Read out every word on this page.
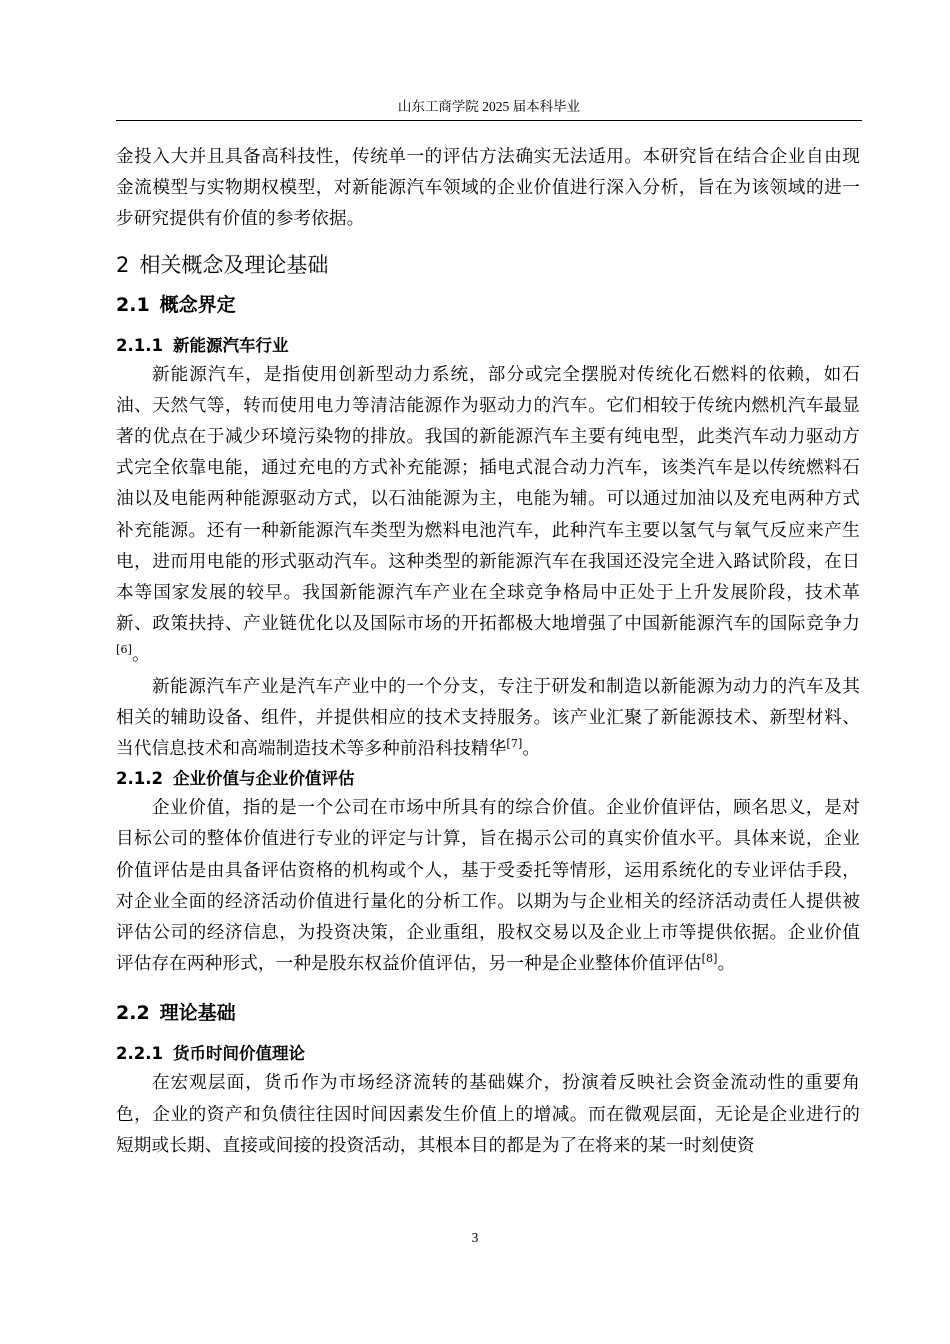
山东工商学院 2025 届本科毕业

金投入大并且具备高科技性，传统单一的评估方法确实无法适用。本研究旨在结合企业自由现金流模型与实物期权模型，对新能源汽车领域的企业价值进行深入分析，旨在为该领域的进一步研究提供有价值的参考依据。

2 相关概念及理论基础
2.1 概念界定
2.1.1 新能源汽车行业

新能源汽车，是指使用创新型动力系统，部分或完全摆脱对传统化石燃料的依赖，如石油、天然气等，转而使用电力等清洁能源作为驱动力的汽车。它们相较于传统内燃机汽车最显著的优点在于减少环境污染物的排放。我国的新能源汽车主要有纯电型，此类汽车动力驱动方式完全依靠电能，通过充电的方式补充能源；插电式混合动力汽车，该类汽车是以传统燃料石油以及电能两种能源驱动方式，以石油能源为主，电能为辅。可以通过加油以及充电两种方式补充能源。还有一种新能源汽车类型为燃料电池汽车，此种汽车主要以氢气与氧气反应来产生电，进而用电能的形式驱动汽车。这种类型的新能源汽车在我国还没完全进入路试阶段，在日本等国家发展的较早。我国新能源汽车产业在全球竞争格局中正处于上升发展阶段，技术革新、政策扶持、产业链优化以及国际市场的开拓都极大地增强了中国新能源汽车的国际竞争力[6]。

新能源汽车产业是汽车产业中的一个分支，专注于研发和制造以新能源为动力的汽车及其相关的辅助设备、组件，并提供相应的技术支持服务。该产业汇聚了新能源技术、新型材料、当代信息技术和高端制造技术等多种前沿科技精华[7]。

2.1.2 企业价值与企业价值评估

企业价值，指的是一个公司在市场中所具有的综合价值。企业价值评估，顾名思义，是对目标公司的整体价值进行专业的评定与计算，旨在揭示公司的真实价值水平。具体来说，企业价值评估是由具备评估资格的机构或个人，基于受委托等情形，运用系统化的专业评估手段，对企业全面的经济活动价值进行量化的分析工作。以期为与企业相关的经济活动责任人提供被评估公司的经济信息，为投资决策，企业重组，股权交易以及企业上市等提供依据。企业价值评估存在两种形式，一种是股东权益价值评估，另一种是企业整体价值评估[8]。

2.2 理论基础
2.2.1 货币时间价值理论

在宏观层面，货币作为市场经济流转的基础媒介，扮演着反映社会资金流动性的重要角色，企业的资产和负债往往因时间因素发生价值上的增减。而在微观层面，无论是企业进行的短期或长期、直接或间接的投资活动，其根本目的都是为了在将来的某一时刻使资

3
